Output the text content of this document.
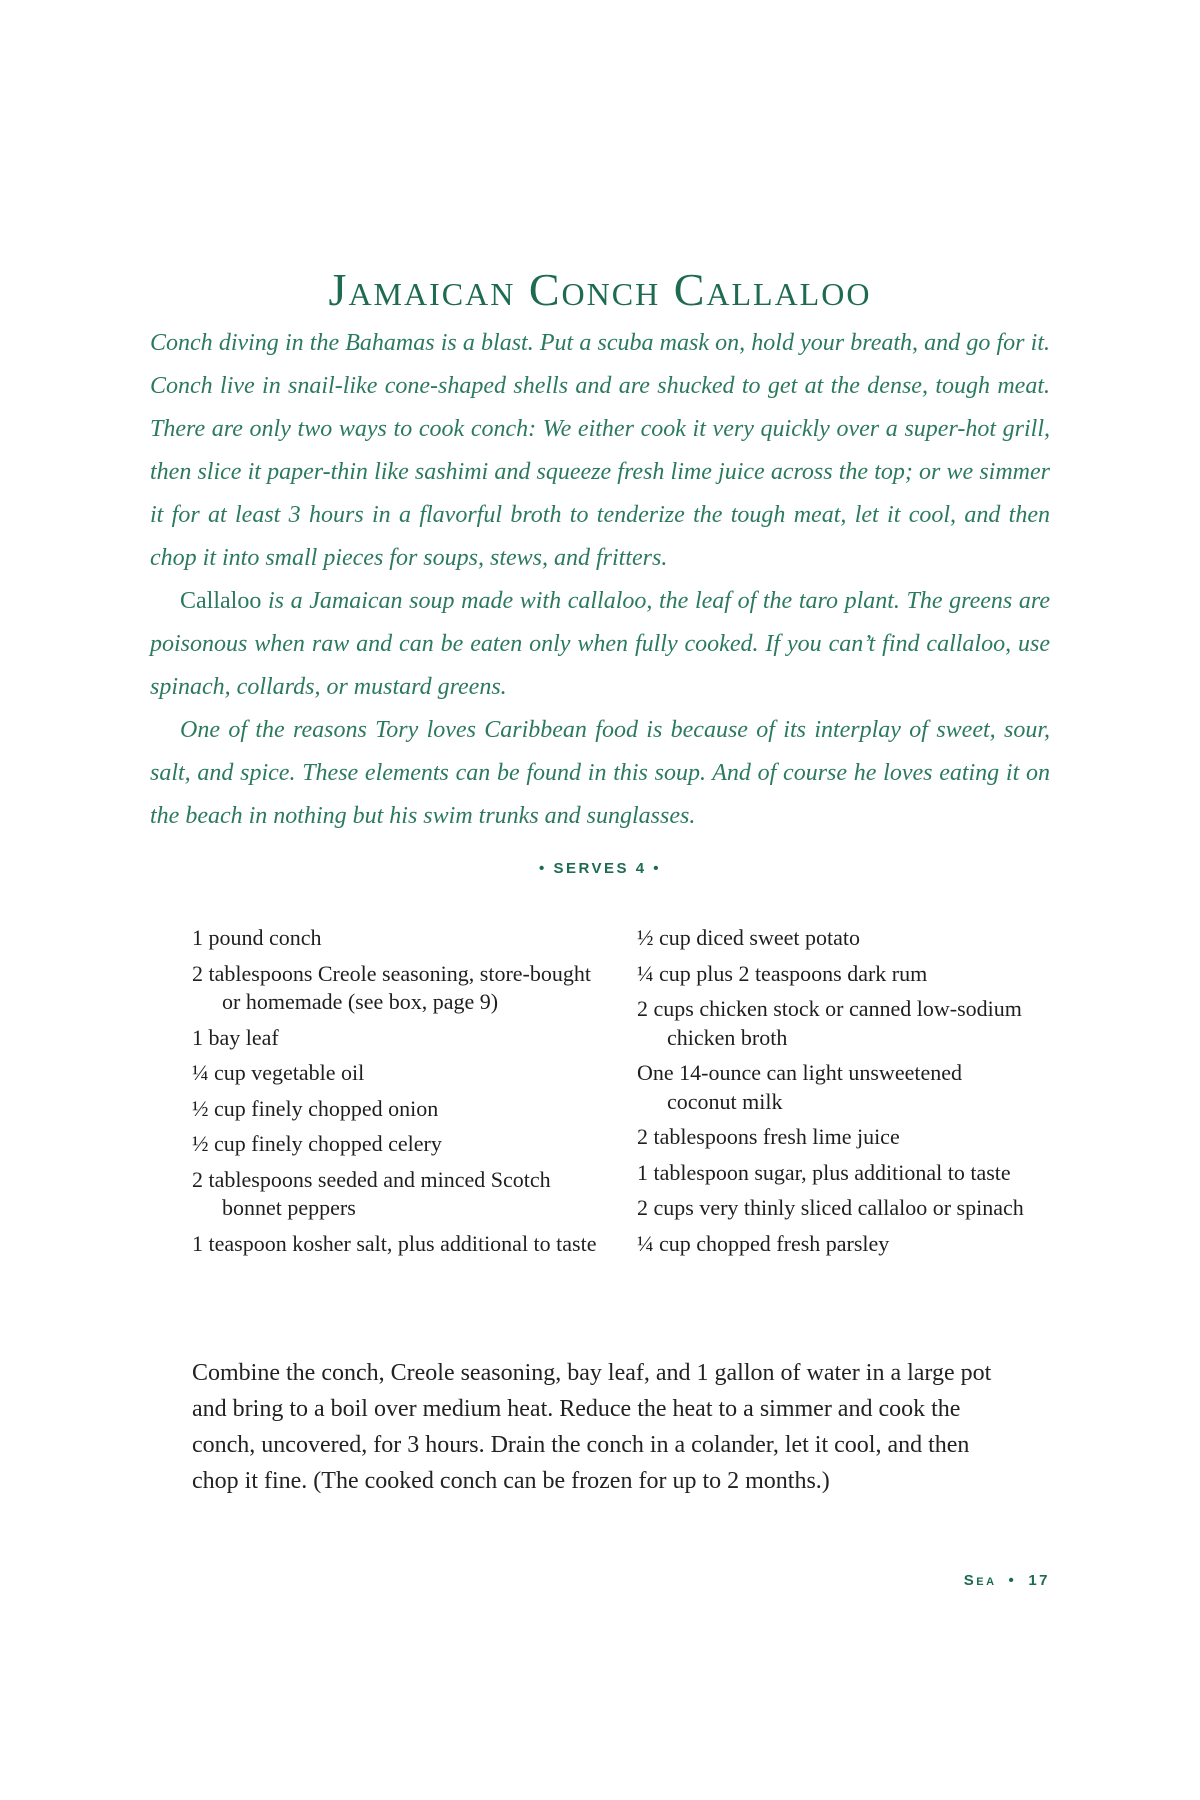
Jamaican Conch Callaloo

Conch diving in the Bahamas is a blast. Put a scuba mask on, hold your breath, and go for it. Conch live in snail-like cone-shaped shells and are shucked to get at the dense, tough meat. There are only two ways to cook conch: We either cook it very quickly over a super-hot grill, then slice it paper-thin like sashimi and squeeze fresh lime juice across the top; or we simmer it for at least 3 hours in a flavorful broth to tenderize the tough meat, let it cool, and then chop it into small pieces for soups, stews, and fritters.

Callaloo is a Jamaican soup made with callaloo, the leaf of the taro plant. The greens are poisonous when raw and can be eaten only when fully cooked. If you can’t find callaloo, use spinach, collards, or mustard greens.

One of the reasons Tory loves Caribbean food is because of its interplay of sweet, sour, salt, and spice. These elements can be found in this soup. And of course he loves eating it on the beach in nothing but his swim trunks and sunglasses.

• SERVES 4 •
1 pound conch
2 tablespoons Creole seasoning, store-bought or homemade (see box, page 9)
1 bay leaf
¼ cup vegetable oil
½ cup finely chopped onion
½ cup finely chopped celery
2 tablespoons seeded and minced Scotch bonnet peppers
1 teaspoon kosher salt, plus additional to taste
½ cup diced sweet potato
¼ cup plus 2 teaspoons dark rum
2 cups chicken stock or canned low-sodium chicken broth
One 14-ounce can light unsweetened coconut milk
2 tablespoons fresh lime juice
1 tablespoon sugar, plus additional to taste
2 cups very thinly sliced callaloo or spinach
¼ cup chopped fresh parsley

Combine the conch, Creole seasoning, bay leaf, and 1 gallon of water in a large pot and bring to a boil over medium heat. Reduce the heat to a simmer and cook the conch, uncovered, for 3 hours. Drain the conch in a colander, let it cool, and then chop it fine. (The cooked conch can be frozen for up to 2 months.)

Sea • 17
